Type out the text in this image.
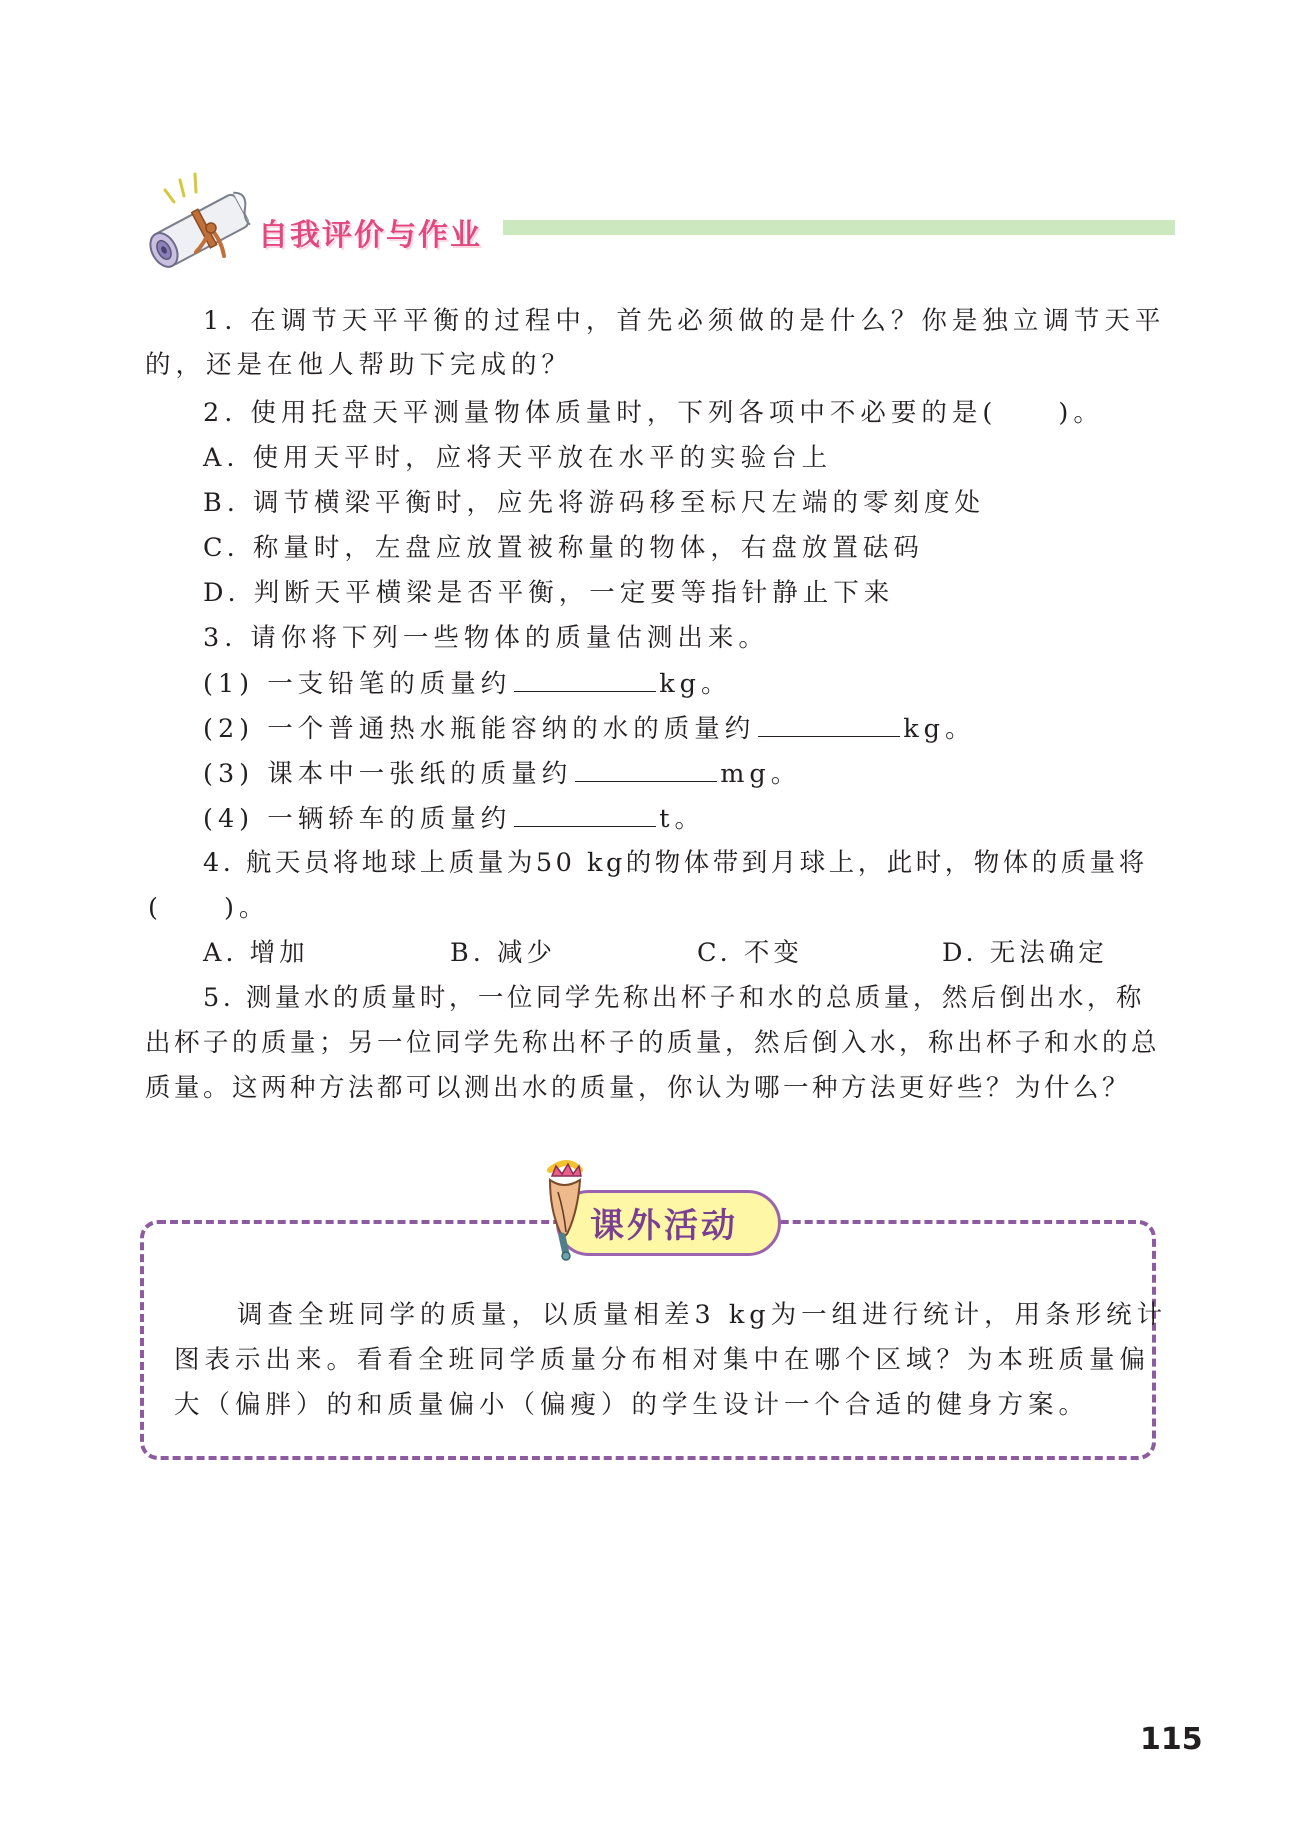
自我评价与作业
1. 在调节天平平衡的过程中，首先必须做的是什么？你是独立调节天平
的，还是在他人帮助下完成的？
2. 使用托盘天平测量物体质量时，下列各项中不必要的是(　　)。
A. 使用天平时，应将天平放在水平的实验台上
B. 调节横梁平衡时，应先将游码移至标尺左端的零刻度处
C. 称量时，左盘应放置被称量的物体，右盘放置砝码
D. 判断天平横梁是否平衡，一定要等指针静止下来
3. 请你将下列一些物体的质量估测出来。
(1) 一支铅笔的质量约	kg。
(2) 一个普通热水瓶能容纳的水的质量约	kg。
(3) 课本中一张纸的质量约	mg。
(4) 一辆轿车的质量约	t。
4. 航天员将地球上质量为50 kg的物体带到月球上，此时，物体的质量将
(　　)。
A. 增加	B. 减少	C. 不变	D. 无法确定
5. 测量水的质量时，一位同学先称出杯子和水的总质量，然后倒出水，称
出杯子的质量；另一位同学先称出杯子的质量，然后倒入水，称出杯子和水的总
质量。这两种方法都可以测出水的质量，你认为哪一种方法更好些？为什么？
课外活动
调查全班同学的质量，以质量相差3 kg为一组进行统计，用条形统计
图表示出来。看看全班同学质量分布相对集中在哪个区域？为本班质量偏
大（偏胖）的和质量偏小（偏瘦）的学生设计一个合适的健身方案。
115
